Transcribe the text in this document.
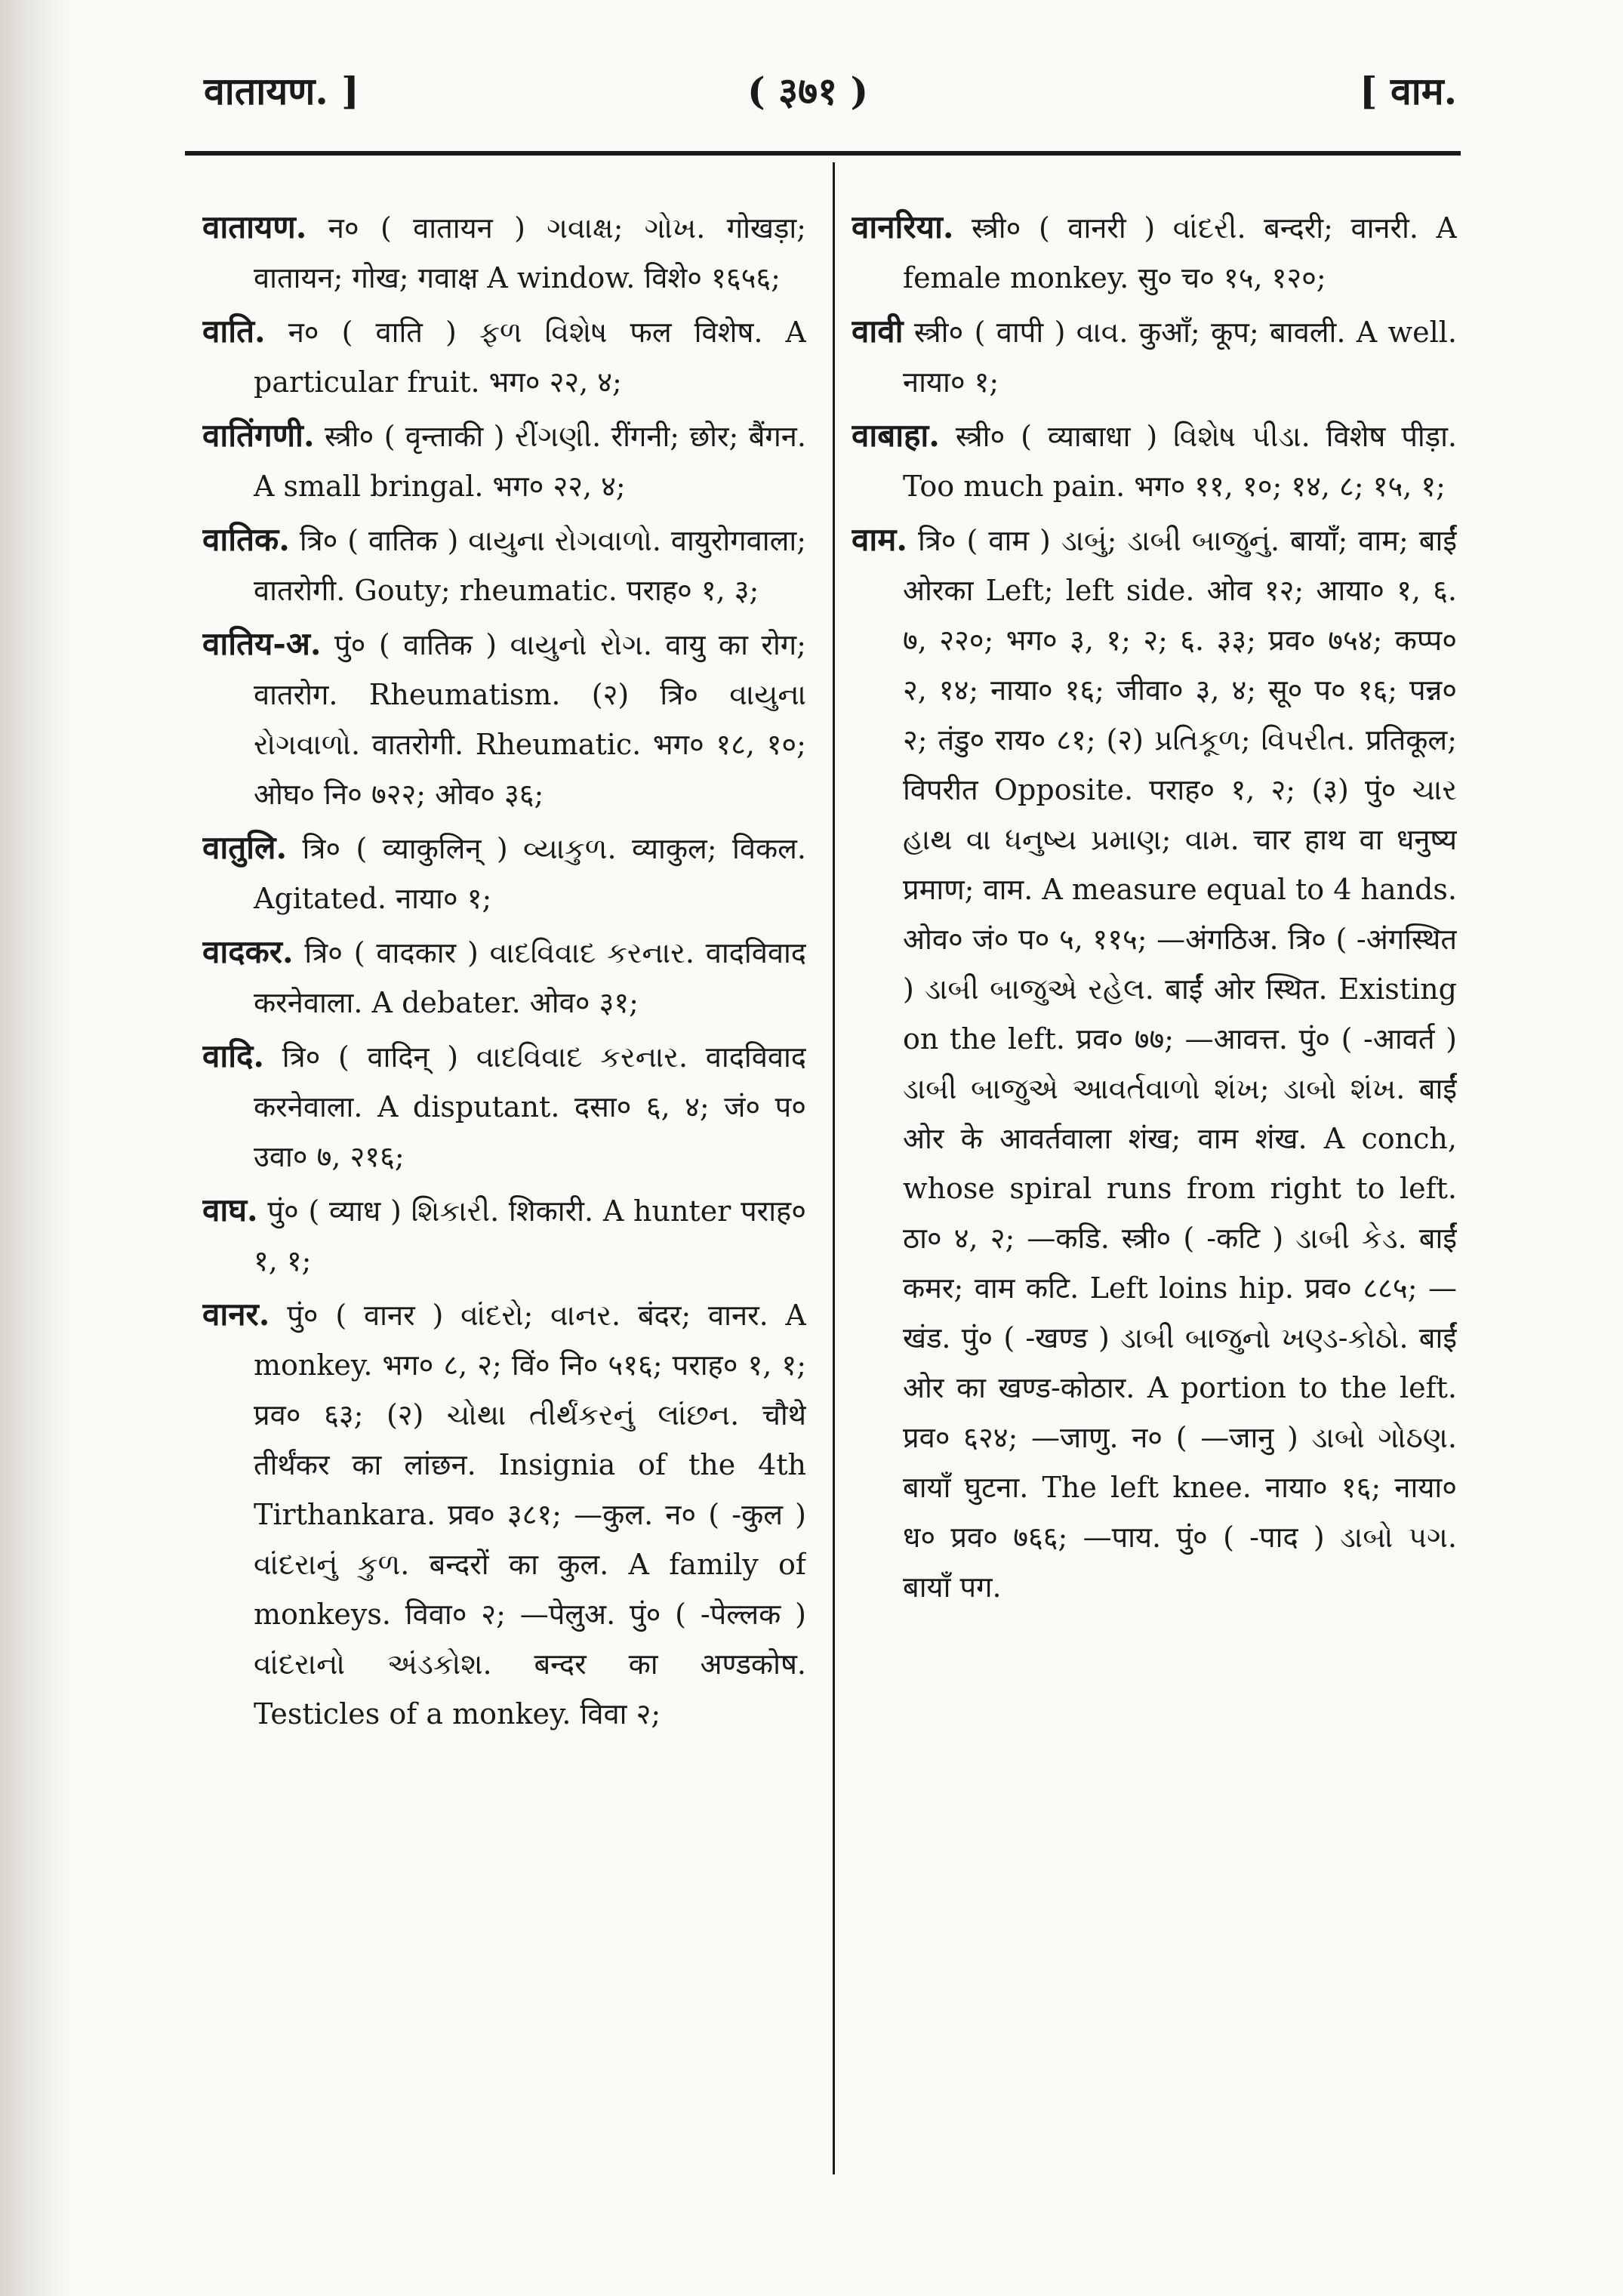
वातायण. ]	( ३७१ )	[ वाम.

वातायण. न० ( वातायन ) ગવાક્ષ; ગોખ. गोखड़ा; वातायन; गोख; गवाक्ष A window. विशे० १६५६;

वाति. न० ( वाति ) ફળ વિશેષ फल विशेष. A particular fruit. भग० २२, ४;

वातिंगणी. स्त्री० ( वृन्ताकी ) રીંગણી. रींगनी; छोर; बैंगन. A small bringal. भग० २२, ४;

वातिक. त्रि० ( वातिक ) વાયુના રોગવાળો. वायुरोगवाला; वातरोगी. Gouty; rheumatic. पराह० १, ३;

वातिय-अ. पुं० ( वातिक ) વાયુનો રોગ. वायु का रोग; वातरोग. Rheumatism. (२) त्रि० વાયુના રોગવાળો. वातरोगी. Rheumatic. भग० १८, १०; ओघ० नि० ७२२; ओव० ३६;

वातुलि. त्रि० ( व्याकुलिन् ) વ્યાકુળ. व्याकुल; विकल. Agitated. नाया० १;

वादकर. त्रि० ( वादकार ) વાદવિવાદ કરનાર. वादविवाद करनेवाला. A debater. ओव० ३१;

वादि. त्रि० ( वादिन् ) વાદવિવાદ કરનાર. वादविवाद करनेवाला. A disputant. दसा० ६, ४; जं० प० उवा० ७, २१६;

वाघ. पुं० ( व्याध ) શિકારી. शिकारी. A hunter पराह० १, १;

वानर. पुं० ( वानर ) વાંદરો; વાનર. बंदर; वानर. A monkey. भग० ८, २; विं० नि० ५१६; पराह० १, १; प्रव० ६३; (२) ચોથા તીર્થંકરનું લાંછન. चौथे तीर्थंकर का लांछन. Insignia of the 4th Tirthankara. प्रव० ३८१; —कुल. न० ( -कुल ) વાંદરાનું કુળ. बन्दरों का कुल. A family of monkeys. विवा० २; —पेलुअ. पुं० ( -पेल्लक ) વાંદરાનો અંડકોશ. बन्दर का अण्डकोष. Testicles of a monkey. विवा २;

वानरिया. स्त्री० ( वानरी ) વાંદરી. बन्दरी; वानरी. A female monkey. सु० च० १५, १२०;

वावी स्त्री० ( वापी ) વાવ. कुआँ; कूप; बावली. A well. नाया० १;

वाबाहा. स्त्री० ( व्याबाधा ) વિશેષ પીડા. विशेष पीड़ा. Too much pain. भग० ११, १०; १४, ८; १५, १;

वाम. त्रि० ( वाम ) ડાબું; ડાબી બાજુનું. बायाँ; वाम; बाईं ओरका Left; left side. ओव १२; आया० १, ६. ७, २२०; भग० ३, १; २; ६. ३३; प्रव० ७५४; कप्प० २, १४; नाया० १६; जीवा० ३, ४; सू० प० १६; पन्न० २; तंडु० राय० ८१; (२) પ્રતિકૂળ; વિપરીત. प्रतिकूल; विपरीत Opposite. पराह० १, २; (३) पुं० ચાર હાથ વા ધનુષ્ય પ્રમાણ; વામ. चार हाथ वा धनुष्य प्रमाण; वाम. A measure equal to 4 hands. ओव० जं० प० ५, ११५; —अंगठिअ. त्रि० ( -अंगस्थित ) ડાબી બાજુએ રહેલ. बाईं ओर स्थित. Existing on the left. प्रव० ७७; —आवत्त. पुं० ( -आवर्त ) ડાબી બાજુએ આવર્તવાળો શંખ; ડાબો શંખ. बाईं ओर के आवर्तवाला शंख; वाम शंख. A conch, whose spiral runs from right to left. ठा० ४, २; —कडि. स्त्री० ( -कटि ) ડાબી કેડ. बाईं कमर; वाम कटि. Left loins hip. प्रव० ८८५; —खंड. पुं० ( -खण्ड ) ડાબી બાજુનો ખણ્ડ-કોઠો. बाईं ओर का खण्ड-कोठार. A portion to the left. प्रव० ६२४; —जाणु. न० ( —जानु ) ડાબો ગોઠણ. बायाँ घुटना. The left knee. नाया० १६; नाया० ध० प्रव० ७६६; —पाय. पुं० ( -पाद ) ડાબો પગ. बायाँ पग.
